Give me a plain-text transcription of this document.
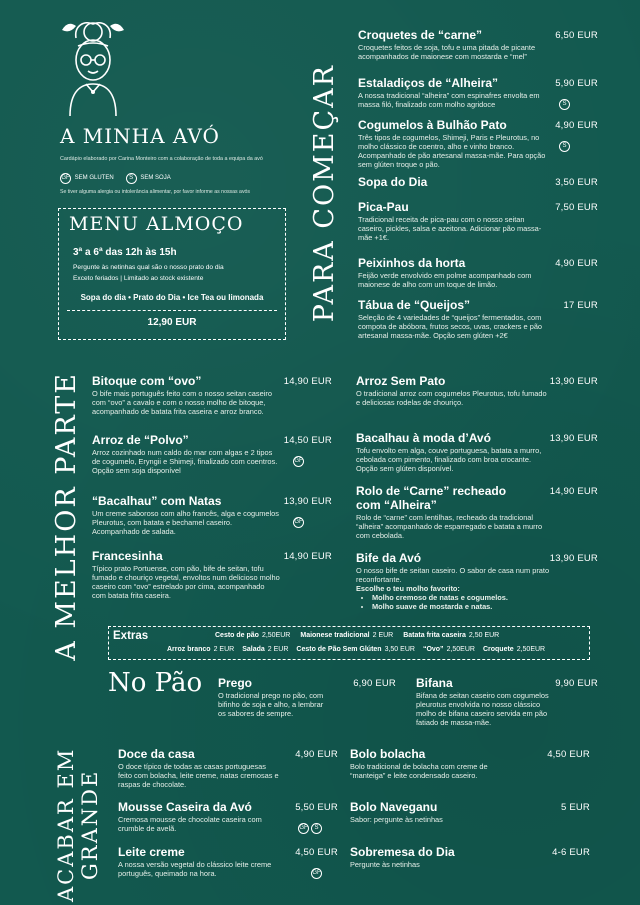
A MINHA AVÓ
Cardápio elaborado por Carina Monteiro com a colaboração de toda a equipa da avó
GF SEM GLUTEN	S SEM SOJA
Se tiver alguma alergia ou intolerância alimentar, por favor informe as nossas avós
MENU ALMOÇO
3ª a 6ª das 12h às 15h
Pergunte às netinhas qual são o nosso prato do dia
Exceto feriados | Limitado ao stock existente
Sopa do dia • Prato do Dia • Ice Tea ou limonada
12,90 EUR
PARA COMEÇAR
A MELHOR PARTE
ACABAR EM GRANDE
Croquetes de “carne”	6,50 EUR
Croquetes feitos de soja, tofu e uma pitada de picante acompanhados de maionese com mostarda e “mel”
Estaladiços de “Alheira”	5,90 EUR
S
A nossa tradicional “alheira” com espinafres envolta em massa filó, finalizado com molho agridoce
Cogumelos à Bulhão Pato	4,90 EUR
S
Três tipos de cogumelos, Shimeji, Paris e Pleurotus, no molho clássico de coentro, alho e vinho branco. Acompanhado de pão artesanal massa-mãe. Para opção sem glúten troque o pão.
Sopa do Dia	3,50 EUR
Pica-Pau	7,50 EUR
Tradicional receita de pica-pau com o nosso seitan caseiro, pickles, salsa e azeitona. Adicionar pão massa-mãe +1€.
Peixinhos da horta	4,90 EUR
Feijão verde envolvido em polme acompanhado com maionese de alho com um toque de limão.
Tábua de “Queijos”	17 EUR
Seleção de 4 variedades de “queijos” fermentados, com compota de abóbora, frutos secos, uvas, crackers e pão artesanal massa-mãe. Opção sem glúten +2€
Bitoque com “ovo”	14,90 EUR
O bife mais português feito com o nosso seitan caseiro com “ovo” a cavalo e com o nosso molho de bitoque, acompanhado de batata frita caseira e arroz branco.
Arroz de “Polvo”	14,50 EUR
GF
Arroz cozinhado num caldo do mar com algas e 2 tipos de cogumelo, Eryngii e Shimeji, finalizado com coentros. Opção sem soja disponível
“Bacalhau” com Natas	13,90 EUR
GF
Um creme saboroso com alho francês, alga e cogumelos Pleurotus, com batata e bechamel caseiro. Acompanhado de salada.
Francesinha	14,90 EUR
Típico prato Portuense, com pão, bife de seitan, tofu fumado e chouriço vegetal, envoltos num delicioso molho caseiro com “ovo” estrelado por cima, acompanhado com batata frita caseira.
Arroz Sem Pato	13,90 EUR
O tradicional arroz com cogumelos Pleurotus, tofu fumado e deliciosas rodelas de chouriço.
Bacalhau à moda d’Avó	13,90 EUR
Tofu envolto em alga, couve portuguesa, batata a murro, cebolada com pimento, finalizado com broa crocante. Opção sem glúten disponível.
Rolo de “Carne” recheado com “Alheira”
14,90 EUR
Rolo de “carne” com lentilhas, recheado da tradicional “alheira” acompanhado de esparregado e batata a murro com cebolada.
Bife da Avó	13,90 EUR
O nosso bife de seitan caseiro. O sabor de casa num prato reconfortante.
Escolhe o teu molho favorito:
• Molho cremoso de natas e cogumelos.
• Molho suave de mostarda e natas.
Extras	Cesto de pão 2,50EUR Maionese tradicional 2 EUR Batata frita caseira 2,50 EUR
Arroz branco 2 EUR Salada 2 EUR Cesto de Pão Sem Glúten 3,50 EUR “Ovo” 2,50EUR Croquete 2,50EUR
No Pão Prego	6,90 EUR
O tradicional prego no pão, com bifinho de soja e alho, a lembrar os sabores de sempre.
Bifana	9,90 EUR
Bifana de seitan caseiro com cogumelos pleurotus envolvida no nosso clássico molho de bifana caseiro servida em pão fatiado de massa-mãe.
Doce da casa	4,90 EUR
O doce típico de todas as casas portuguesas feito com bolacha, leite creme, natas cremosas e raspas de chocolate.
Mousse Caseira da Avó	5,50 EUR
GF S
Cremosa mousse de chocolate caseira com crumble de avelã.
Leite creme	4,50 EUR
GF
A nossa versão vegetal do clássico leite creme português, queimado na hora.
Bolo bolacha	4,50 EUR
Bolo tradicional de bolacha com creme de “manteiga” e leite condensado caseiro.
Bolo Naveganu	5 EUR
Sabor: pergunte às netinhas
Sobremesa do Dia	4-6 EUR
Pergunte às netinhas
